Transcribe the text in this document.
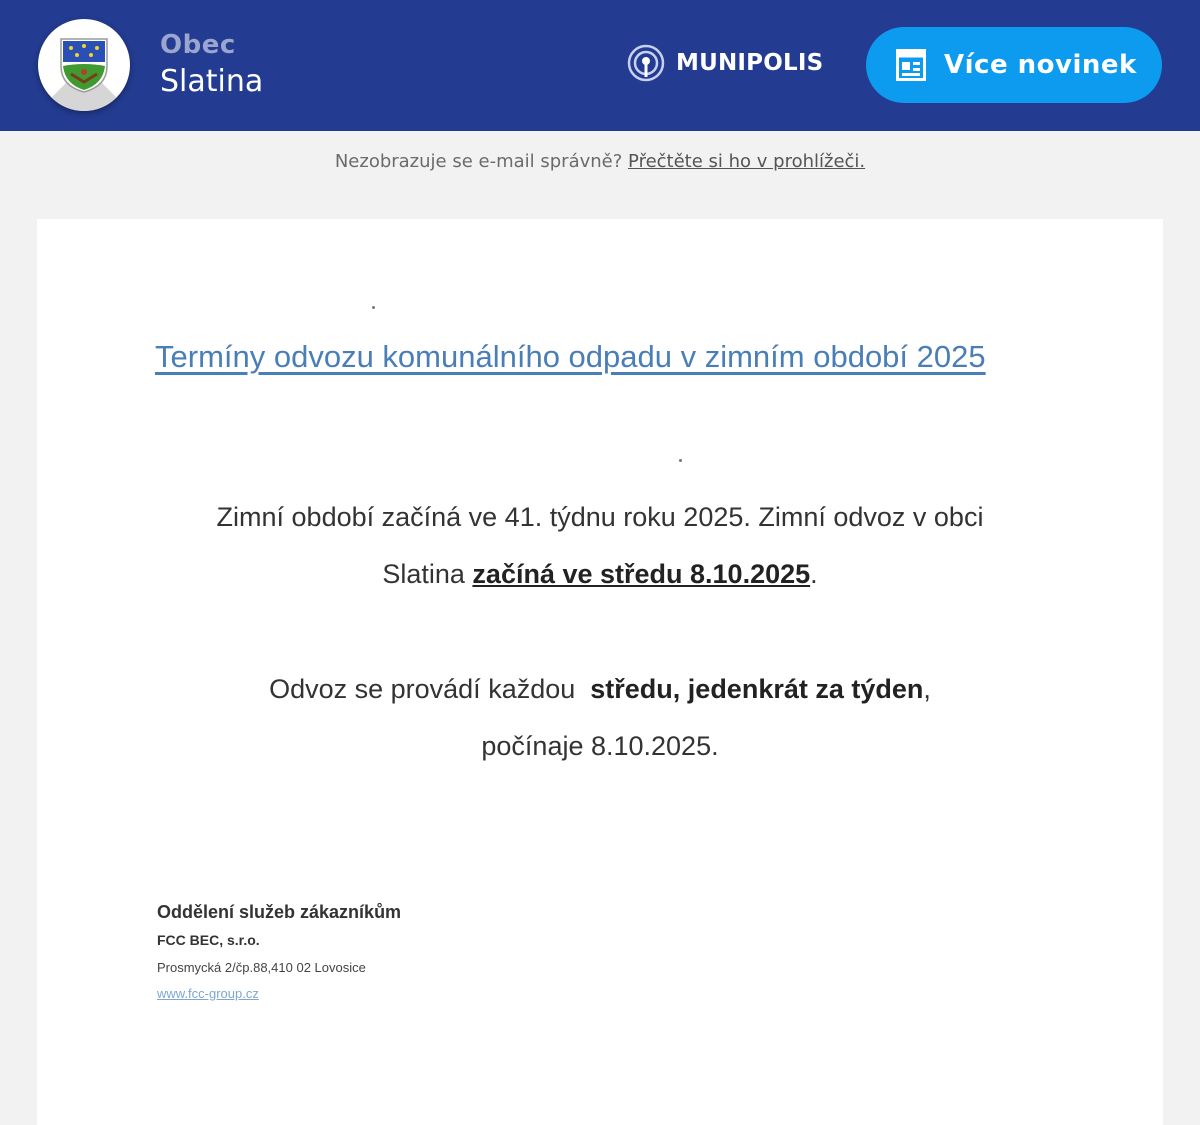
Obec
Slatina
MUNIPOLIS	Více novinek
Nezobrazuje se e-mail správně? Přečtěte si ho v prohlížeči.
Termíny odvozu komunálního odpadu v zimním období 2025
Zimní období začíná ve 41. týdnu roku 2025. Zimní odvoz v obci
Slatina začíná ve středu 8.10.2025.
Odvoz se provádí každou středu, jedenkrát za týden,
počínaje 8.10.2025.
Oddělení služeb zákazníkům
FCC BEC, s.r.o.
Prosmycká 2/čp.88,410 02 Lovosice
www.fcc-group.cz
